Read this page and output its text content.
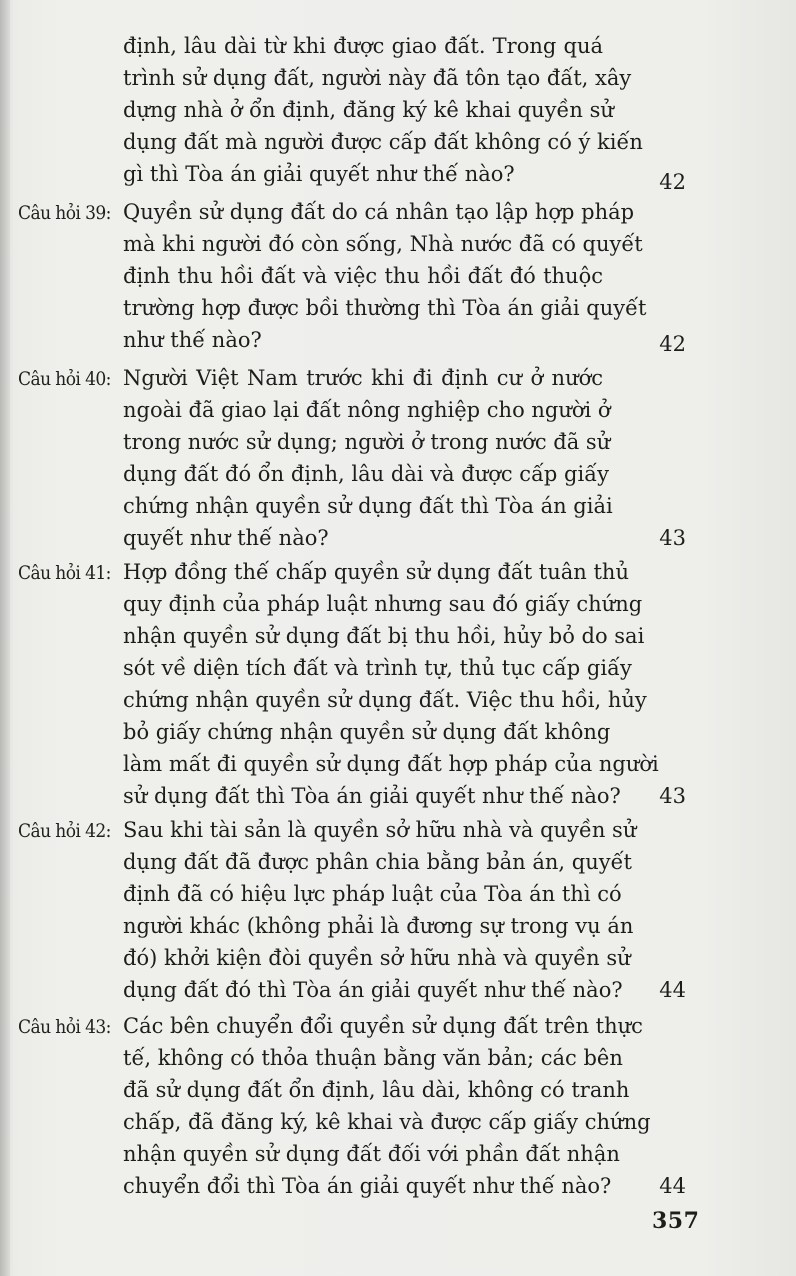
định, lâu dài từ khi được giao đất. Trong quá
trình sử dụng đất, người này đã tôn tạo đất, xây
dựng nhà ở ổn định, đăng ký kê khai quyền sử
dụng đất mà người được cấp đất không có ý kiến
gì thì Tòa án giải quyết như thế nào?	42
Câu hỏi 39: Quyền sử dụng đất do cá nhân tạo lập hợp pháp
mà khi người đó còn sống, Nhà nước đã có quyết
định thu hồi đất và việc thu hồi đất đó thuộc
trường hợp được bồi thường thì Tòa án giải quyết
như thế nào?	42
Câu hỏi 40: Người Việt Nam trước khi đi định cư ở nước
ngoài đã giao lại đất nông nghiệp cho người ở
trong nước sử dụng; người ở trong nước đã sử
dụng đất đó ổn định, lâu dài và được cấp giấy
chứng nhận quyền sử dụng đất thì Tòa án giải
quyết như thế nào?	43
Câu hỏi 41: Hợp đồng thế chấp quyền sử dụng đất tuân thủ
quy định của pháp luật nhưng sau đó giấy chứng
nhận quyền sử dụng đất bị thu hồi, hủy bỏ do sai
sót về diện tích đất và trình tự, thủ tục cấp giấy
chứng nhận quyền sử dụng đất. Việc thu hồi, hủy
bỏ giấy chứng nhận quyền sử dụng đất không
làm mất đi quyền sử dụng đất hợp pháp của người
sử dụng đất thì Tòa án giải quyết như thế nào? 43
Câu hỏi 42: Sau khi tài sản là quyền sở hữu nhà và quyền sử
dụng đất đã được phân chia bằng bản án, quyết
định đã có hiệu lực pháp luật của Tòa án thì có
người khác (không phải là đương sự trong vụ án
đó) khởi kiện đòi quyền sở hữu nhà và quyền sử
dụng đất đó thì Tòa án giải quyết như thế nào? 44
Câu hỏi 43: Các bên chuyển đổi quyền sử dụng đất trên thực
tế, không có thỏa thuận bằng văn bản; các bên
đã sử dụng đất ổn định, lâu dài, không có tranh
chấp, đã đăng ký, kê khai và được cấp giấy chứng
nhận quyền sử dụng đất đối với phần đất nhận
chuyển đổi thì Tòa án giải quyết như thế nào? 44
357
